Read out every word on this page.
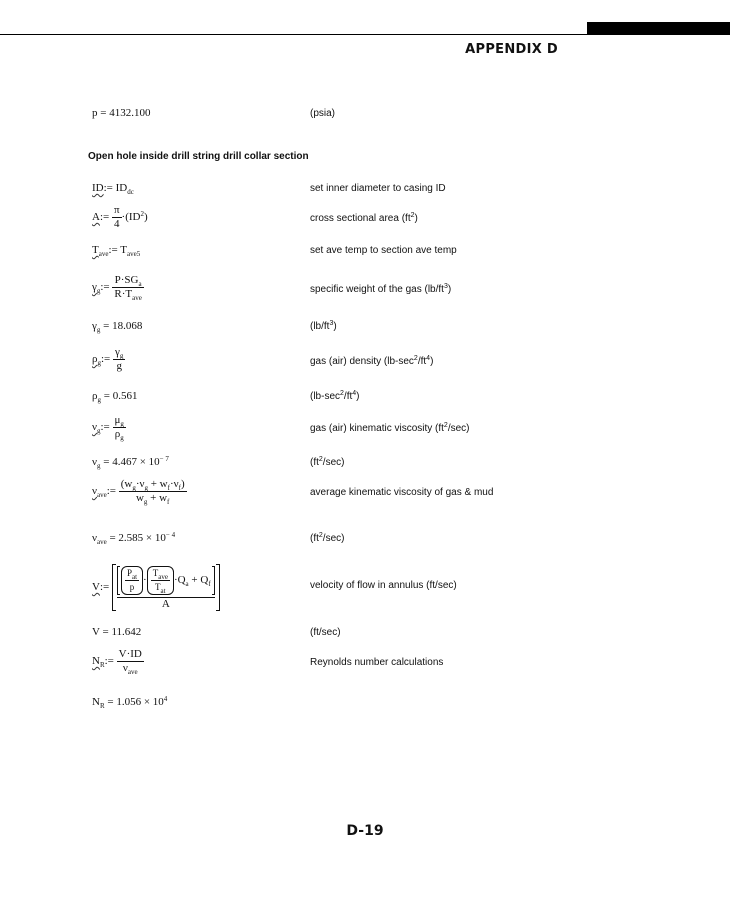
APPENDIX D
p = 4132.100	(psia)
Open hole inside drill string drill collar section
ID:= $ID_{dc}$	set inner diameter to casing ID
A:= $\frac{\pi}{4} \cdot(ID^2)$	cross sectional area $(ft^2)$
$T_{ave}:= T_{ave5}$	set ave temp to section ave temp
$\gamma_g:= \frac{P\cdot SG_a}{R\cdot T_{ave}}$	specific weight of the gas $(lb/ft^3)$
$\gamma_g = 18.068$	$(lb/ft^3)$
$\rho_g:= \frac{\gamma_g}{g}$	gas (air) density $(lb-\sec^2/ft^4)$
$\rho_g = 0.561$	$(lb-\sec^2/ft^4)$
$\nu_g:= \frac{\mu_g}{\rho_g}$	gas (air) kinematic viscosity $(ft^2/\sec)$
$\nu_g = 4.467 \times 10^{- 7}$	$(ft^2/\sec)$
$\nu_{ave}:= \frac{(w_g\cdot\nu_g + w_f\cdot\nu_f)}{w_g + w_f}$	average kinematic viscosity of gas & mud
$\nu_{ave} = 2.585 \times 10^{- 4}$	$(ft^2/\sec)$
V:= $\frac{\frac{P_{at}}{p} \cdot \frac{T_{ave}}{T_{at}} \cdot Q_a + Q_f}{A}$	velocity of flow in annulus (ft/sec)
V = 11.642	(ft/sec)
$N_R:= \frac{V\cdot ID}{\nu_{ave}}$	Reynolds number calculations
$N_R = 1.056 \times 10^4$
D-19
